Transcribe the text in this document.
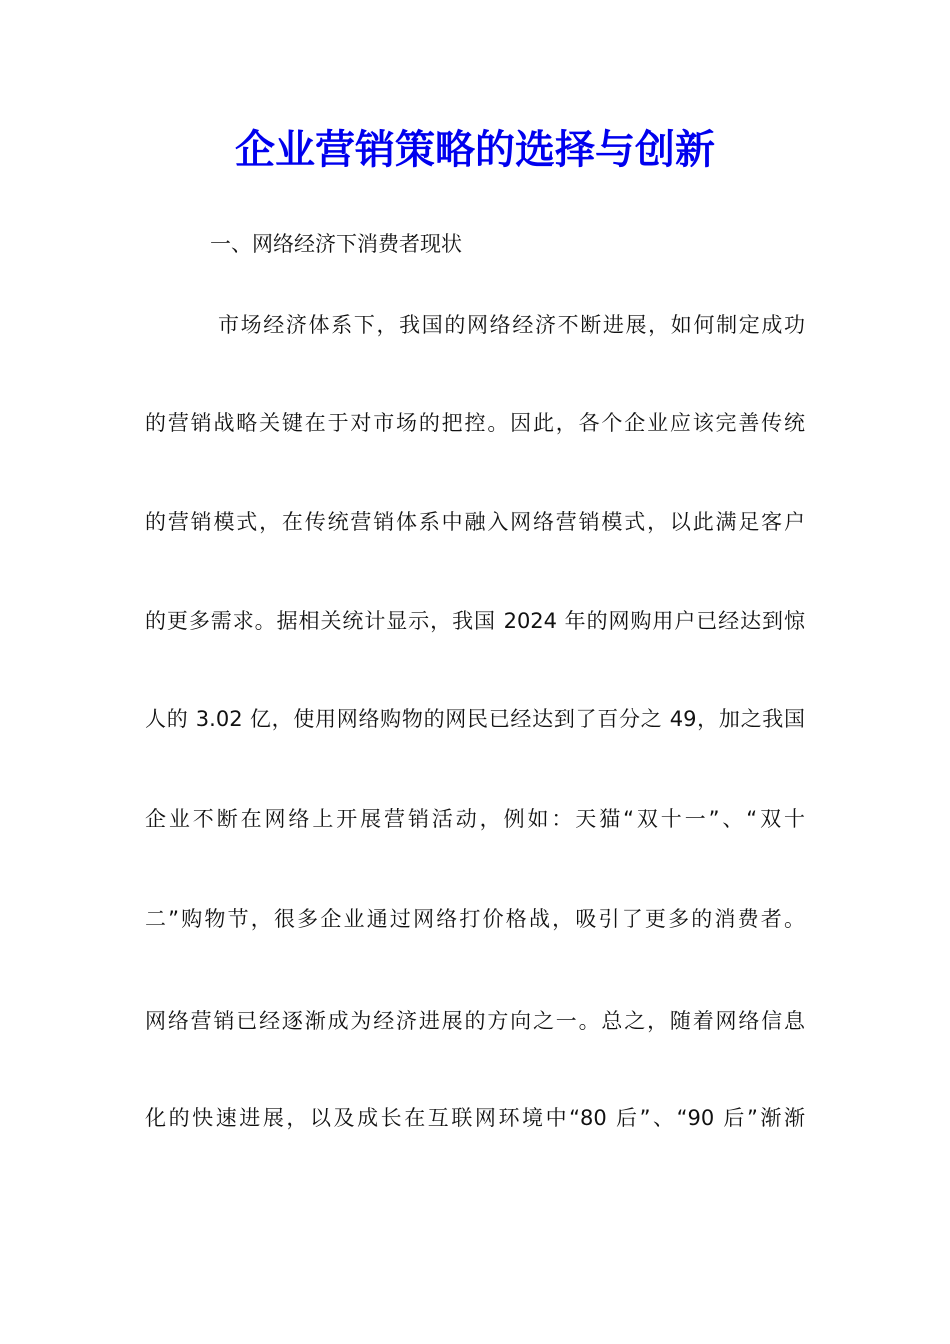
企业营销策略的选择与创新
一、网络经济下消费者现状
市场经济体系下，我国的网络经济不断进展，如何制定成功
的营销战略关键在于对市场的把控。因此，各个企业应该完善传统
的营销模式，在传统营销体系中融入网络营销模式，以此满足客户
的更多需求。据相关统计显示，我国 2024 年的网购用户已经达到惊
人的 3.02 亿，使用网络购物的网民已经达到了百分之 49，加之我国
企业不断在网络上开展营销活动，例如：天猫“双十一”、“双十
二”购物节，很多企业通过网络打价格战，吸引了更多的消费者。
网络营销已经逐渐成为经济进展的方向之一。总之，随着网络信息
化的快速进展，以及成长在互联网环境中“80 后”、“90 后”渐渐
